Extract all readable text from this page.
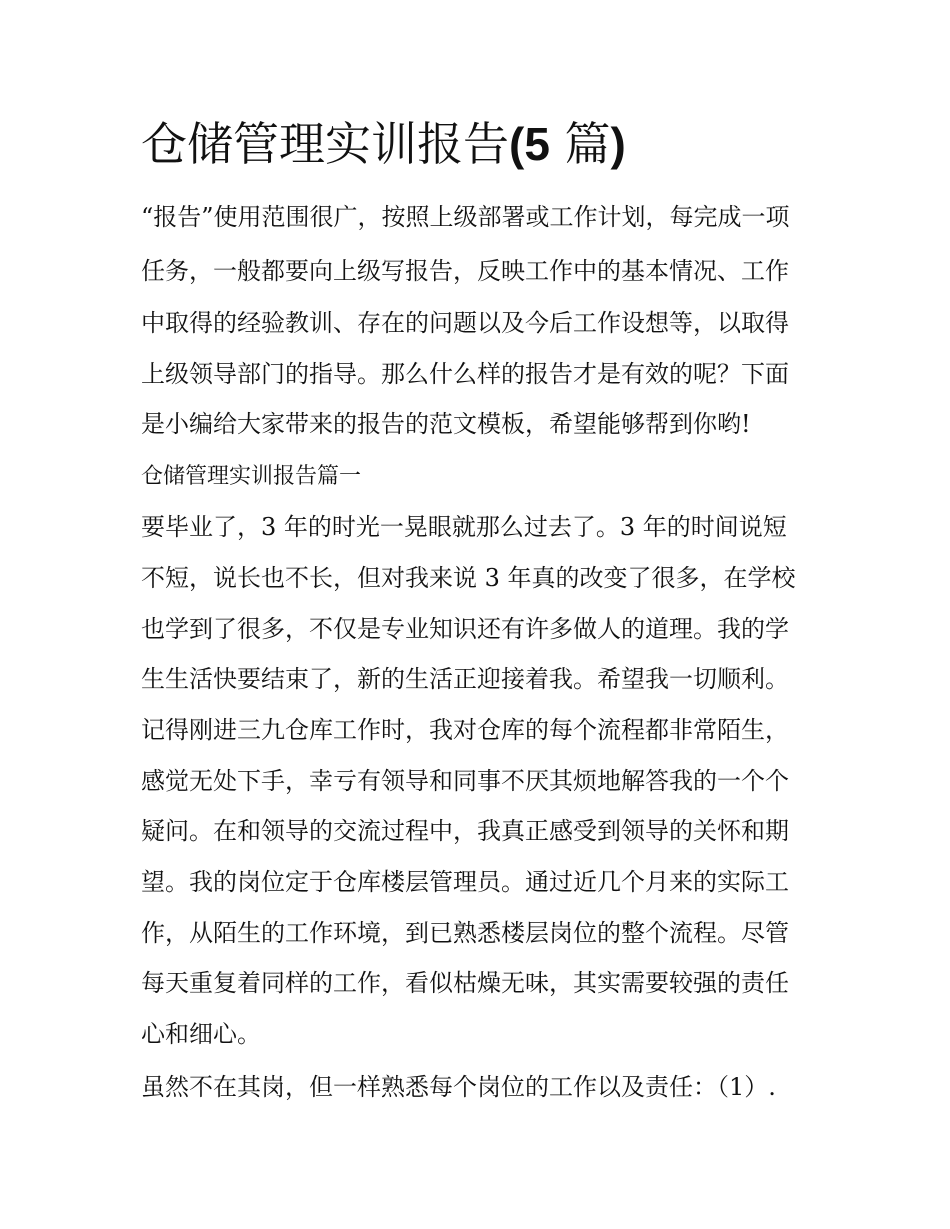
仓储管理实训报告(5 篇)

“报告”使用范围很广，按照上级部署或工作计划，每完成一项

任务，一般都要向上级写报告，反映工作中的基本情况、工作

中取得的经验教训、存在的问题以及今后工作设想等，以取得

上级领导部门的指导。那么什么样的报告才是有效的呢？下面

是小编给大家带来的报告的范文模板，希望能够帮到你哟!

仓储管理实训报告篇一

要毕业了，3 年的时光一晃眼就那么过去了。3 年的时间说短

不短，说长也不长，但对我来说 3 年真的改变了很多，在学校

也学到了很多，不仅是专业知识还有许多做人的道理。我的学

生生活快要结束了，新的生活正迎接着我。希望我一切顺利。

记得刚进三九仓库工作时，我对仓库的每个流程都非常陌生，

感觉无处下手，幸亏有领导和同事不厌其烦地解答我的一个个

疑问。在和领导的交流过程中，我真正感受到领导的关怀和期

望。我的岗位定于仓库楼层管理员。通过近几个月来的实际工

作，从陌生的工作环境，到已熟悉楼层岗位的整个流程。尽管

每天重复着同样的工作，看似枯燥无味，其实需要较强的责任

心和细心。

虽然不在其岗，但一样熟悉每个岗位的工作以及责任：（1）.
